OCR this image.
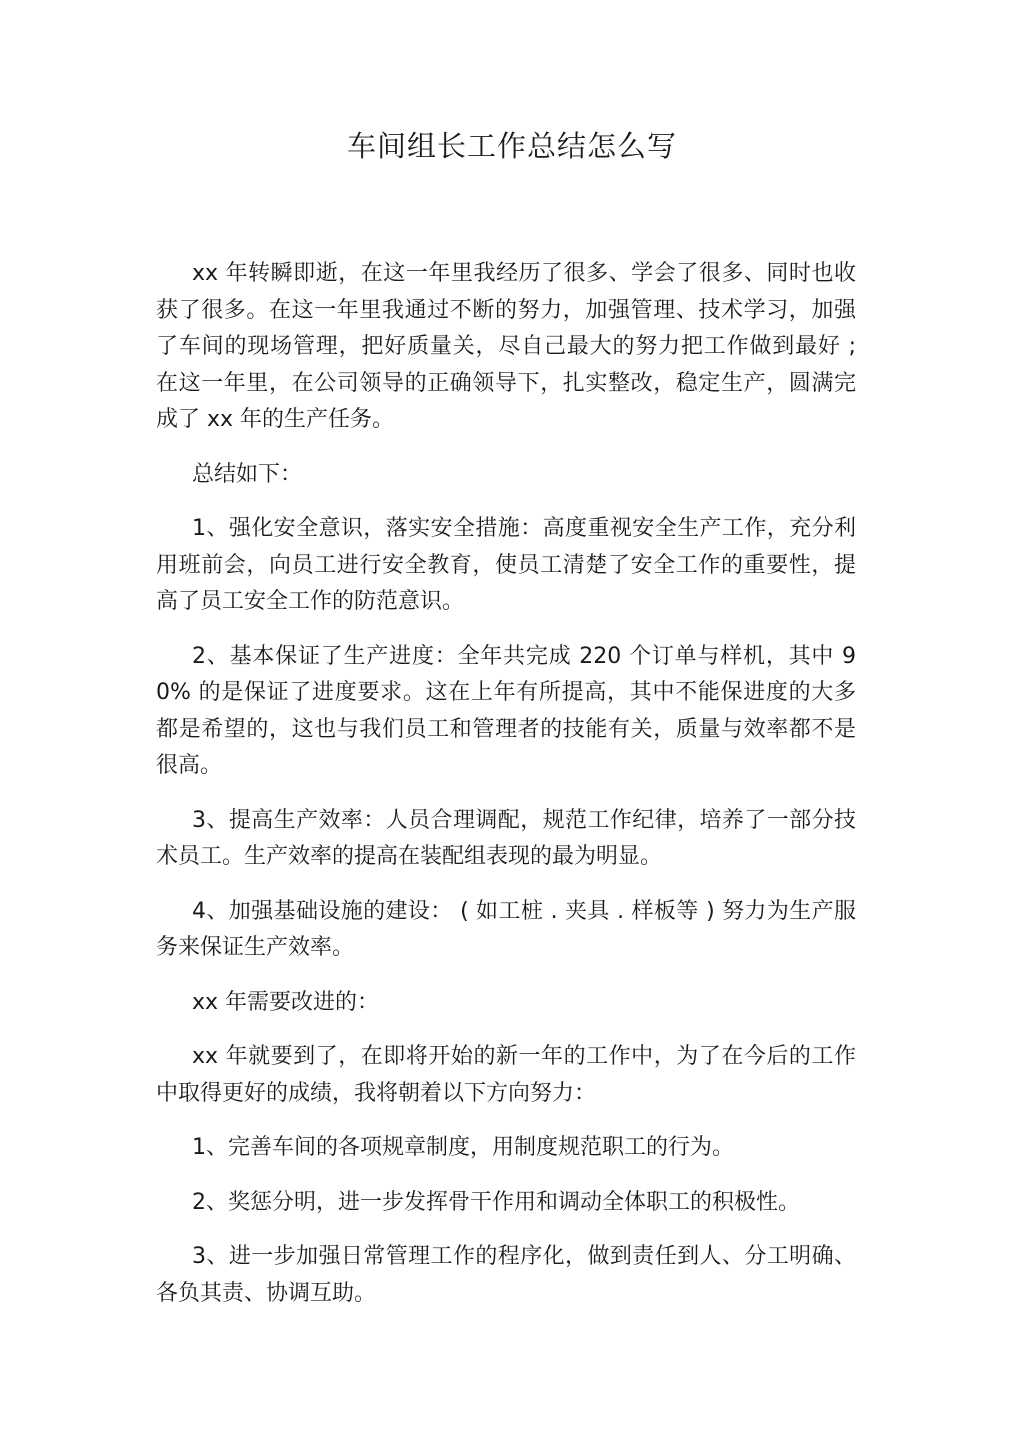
车间组长工作总结怎么写

xx 年转瞬即逝，在这一年里我经历了很多、学会了很多、同时也收获了很多。在这一年里我通过不断的努力，加强管理、技术学习，加强了车间的现场管理，把好质量关，尽自己最大的努力把工作做到最好 ; 在这一年里，在公司领导的正确领导下，扎实整改，稳定生产，圆满完成了 xx 年的生产任务。

总结如下：

1、强化安全意识，落实安全措施：高度重视安全生产工作，充分利用班前会，向员工进行安全教育，使员工清楚了安全工作的重要性，提高了员工安全工作的防范意识。

2、基本保证了生产进度：全年共完成 220 个订单与样机，其中 90% 的是保证了进度要求。这在上年有所提高，其中不能保进度的大多都是希望的，这也与我们员工和管理者的技能有关，质量与效率都不是很高。

3、提高生产效率：人员合理调配，规范工作纪律，培养了一部分技术员工。生产效率的提高在装配组表现的最为明显。

4、加强基础设施的建设： ( 如工桩 . 夹具 . 样板等 ) 努力为生产服务来保证生产效率。

xx 年需要改进的：

xx 年就要到了，在即将开始的新一年的工作中，为了在今后的工作中取得更好的成绩，我将朝着以下方向努力：

1、完善车间的各项规章制度，用制度规范职工的行为。

2、奖惩分明，进一步发挥骨干作用和调动全体职工的积极性。

3、进一步加强日常管理工作的程序化，做到责任到人、分工明确、各负其责、协调互助。
